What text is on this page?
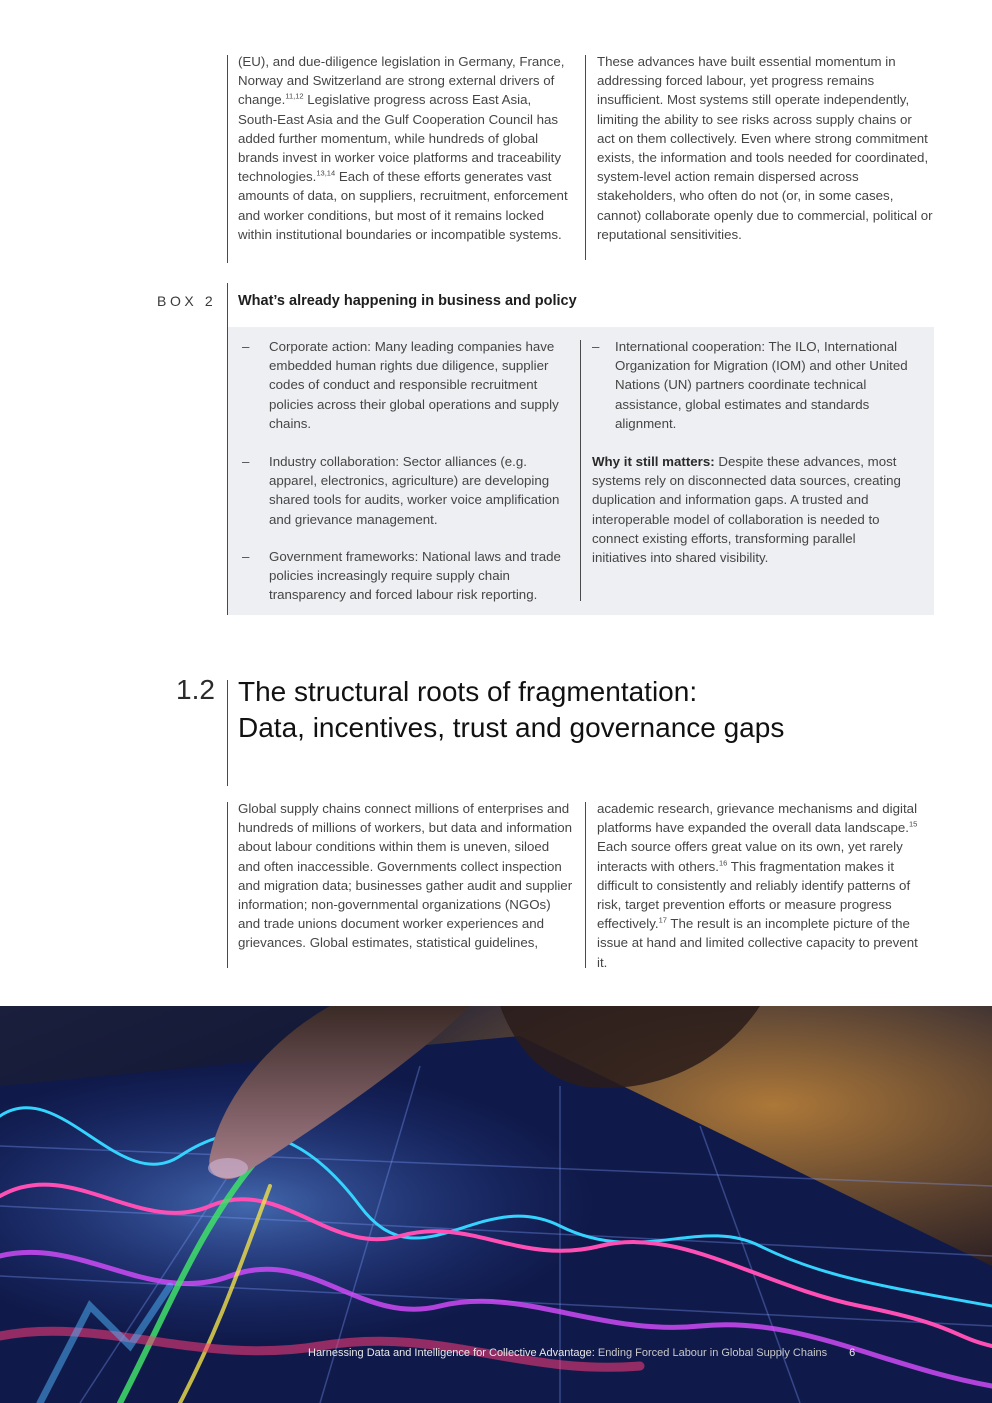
(EU), and due-diligence legislation in Germany, France, Norway and Switzerland are strong external drivers of change.$^{11,12}$ Legislative progress across East Asia, South-East Asia and the Gulf Cooperation Council has added further momentum, while hundreds of global brands invest in worker voice platforms and traceability technologies.$^{13,14}$ Each of these efforts generates vast amounts of data, on suppliers, recruitment, enforcement and worker conditions, but most of it remains locked within institutional boundaries or incompatible systems.

These advances have built essential momentum in addressing forced labour, yet progress remains insufficient. Most systems still operate independently, limiting the ability to see risks across supply chains or act on them collectively. Even where strong commitment exists, the information and tools needed for coordinated, system-level action remain dispersed across stakeholders, who often do not (or, in some cases, cannot) collaborate openly due to commercial, political or reputational sensitivities.

BOX 2 What’s already happening in business and policy
– Corporate action: Many leading companies have embedded human rights due diligence, supplier codes of conduct and responsible recruitment policies across their global operations and supply chains.
– Industry collaboration: Sector alliances (e.g. apparel, electronics, agriculture) are developing shared tools for audits, worker voice amplification and grievance management.
– Government frameworks: National laws and trade policies increasingly require supply chain transparency and forced labour risk reporting.
– International cooperation: The ILO, International Organization for Migration (IOM) and other United Nations (UN) partners coordinate technical assistance, global estimates and standards alignment.
Why it still matters: Despite these advances, most systems rely on disconnected data sources, creating duplication and information gaps. A trusted and interoperable model of collaboration is needed to connect existing efforts, transforming parallel initiatives into shared visibility.
1.2 The structural roots of fragmentation:
Data, incentives, trust and governance gaps

Global supply chains connect millions of enterprises and hundreds of millions of workers, but data and information about labour conditions within them is uneven, siloed and often inaccessible. Governments collect inspection and migration data; businesses gather audit and supplier information; non-governmental organizations (NGOs) and trade unions document worker experiences and grievances. Global estimates, statistical guidelines,

academic research, grievance mechanisms and digital platforms have expanded the overall data landscape.$^{15}$ Each source offers great value on its own, yet rarely interacts with others.$^{16}$ This fragmentation makes it difficult to consistently and reliably identify patterns of risk, target prevention efforts or measure progress effectively.$^{17}$ The result is an incomplete picture of the issue at hand and limited collective capacity to prevent it.

Harnessing Data and Intelligence for Collective Advantage: Ending Forced Labour in Global Supply Chains 6
